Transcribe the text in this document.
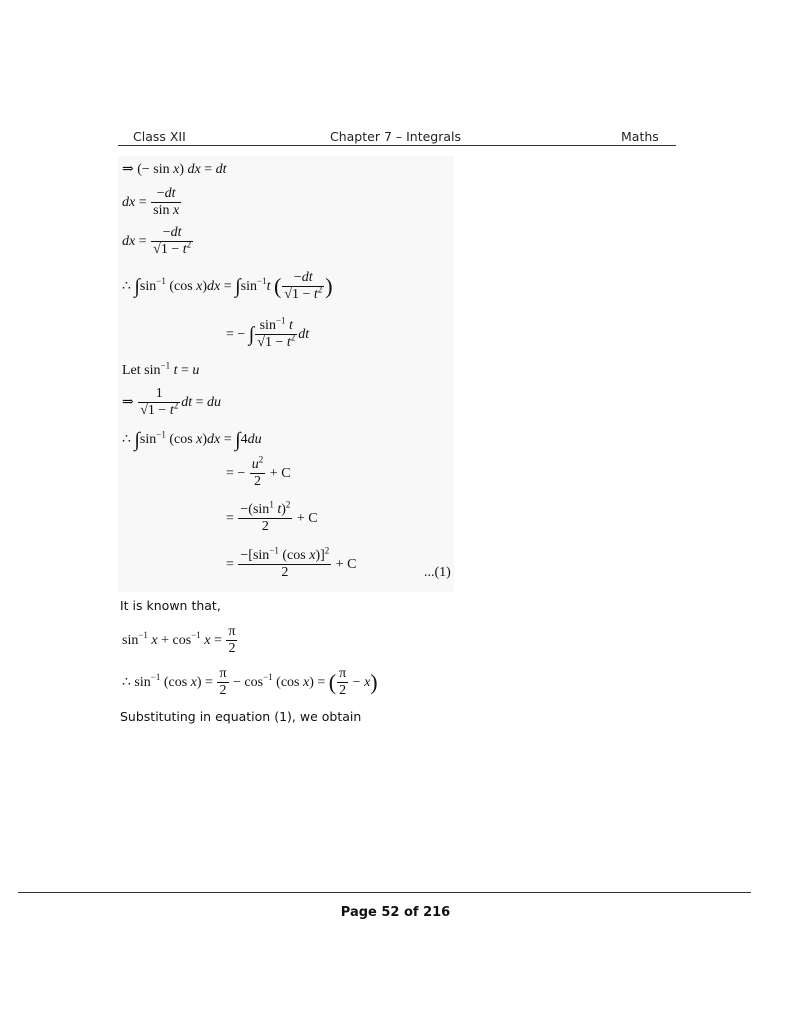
Class XII	Chapter 7 – Integrals	Maths
⇒ (− sin x) dx = dt
dx = $\frac{-dt}{\text{sin x}}$
dx = $\frac{-dt}{√1 - t^2}$
∴ $\int\sin^{-1}$ (cos $x)dx = \int\sin^{-1}t$ ( $\frac{-dt}{√1 - t^2}$ )
= − ∫ $\frac{\sin^{-1} t}{√1 - t^2}$ dt
Let $\sin^{-1} t = u$
⇒ $\frac{1}{√1 - t^2}$ dt = du
∴ $\int\sin^{-1}$ (cos x)dx = ∫4du
= − $\frac{u^2}{2} + C$
= $\frac{-(\sin^1 t)^2}{2} + C$
= $\frac{-[\sin^{-1} (\cos x)]^2}{2} + C$
...(1)
It is known that,
$\sin^{-1} x + \cos^{-1} x = \frac{\pi}{2}$
∴ $\sin^{-1} (\cos$ $x) = \frac{\pi}{2} - \cos^{-1} (\cos$ x) = ( $\frac{\pi}{2} - x$)
Substituting in equation (1), we obtain
Page 52 of 216
